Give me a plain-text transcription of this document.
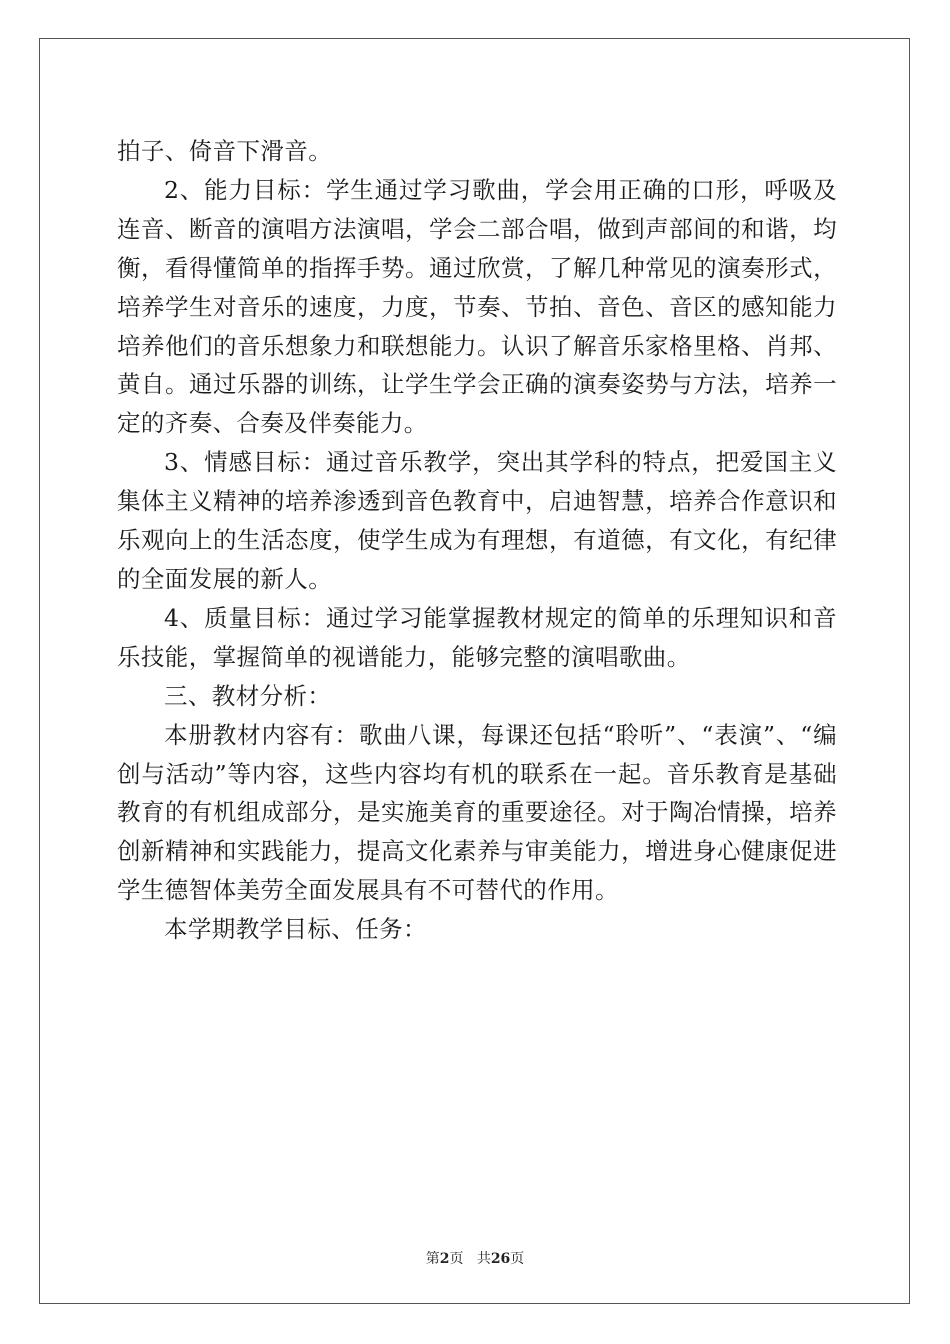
拍子、倚音下滑音。

2、能力目标：学生通过学习歌曲，学会用正确的口形，呼吸及连音、断音的演唱方法演唱，学会二部合唱，做到声部间的和谐，均衡，看得懂简单的指挥手势。通过欣赏，了解几种常见的演奏形式，培养学生对音乐的速度，力度，节奏、节拍、音色、音区的感知能力培养他们的音乐想象力和联想能力。认识了解音乐家格里格、肖邦、黄自。通过乐器的训练，让学生学会正确的演奏姿势与方法，培养一定的齐奏、合奏及伴奏能力。

3、情感目标：通过音乐教学，突出其学科的特点，把爱国主义集体主义精神的培养渗透到音色教育中，启迪智慧，培养合作意识和乐观向上的生活态度，使学生成为有理想，有道德，有文化，有纪律的全面发展的新人。

4、质量目标：通过学习能掌握教材规定的简单的乐理知识和音乐技能，掌握简单的视谱能力，能够完整的演唱歌曲。

三、教材分析：

本册教材内容有：歌曲八课，每课还包括“聆听”、“表演”、“编创与活动”等内容，这些内容均有机的联系在一起。音乐教育是基础教育的有机组成部分，是实施美育的重要途径。对于陶冶情操，培养创新精神和实践能力，提高文化素养与审美能力，增进身心健康促进学生德智体美劳全面发展具有不可替代的作用。

本学期教学目标、任务：

第2页 共26页
